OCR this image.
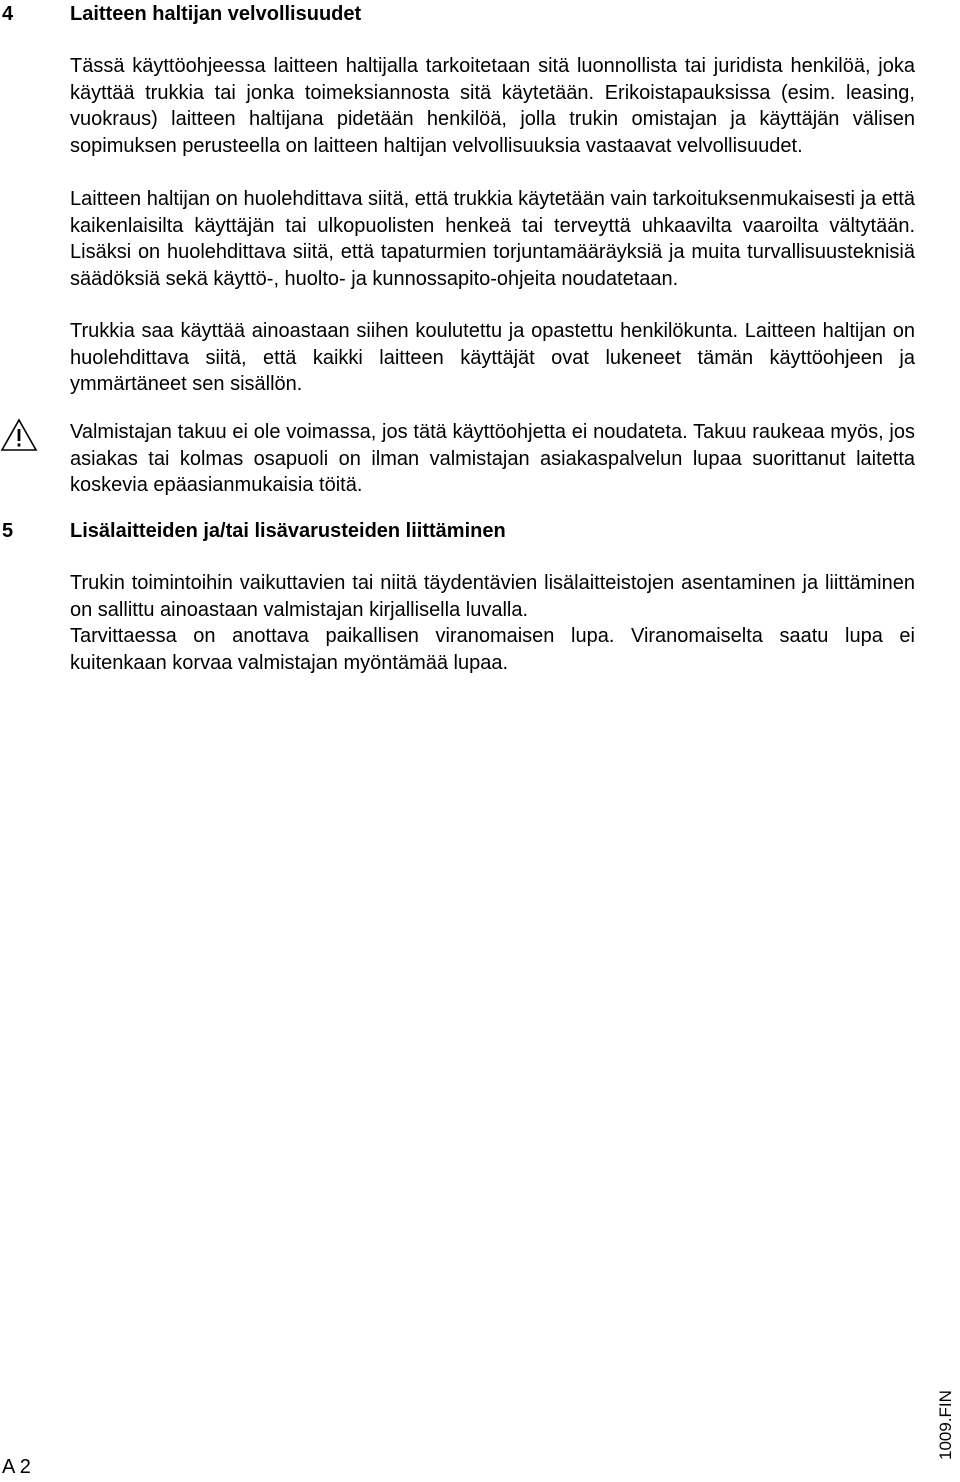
4	Laitteen haltijan velvollisuudet

Tässä käyttöohjeessa laitteen haltijalla tarkoitetaan sitä luonnollista tai juridista henkilöä, joka käyttää trukkia tai jonka toimeksiannosta sitä käytetään. Erikoistapauksissa (esim. leasing, vuokraus) laitteen haltijana pidetään henkilöä, jolla trukin omistajan ja käyttäjän välisen sopimuksen perusteella on laitteen haltijan velvollisuuksia vastaavat velvollisuudet.

Laitteen haltijan on huolehdittava siitä, että trukkia käytetään vain tarkoituksenmukaisesti ja että kaikenlaisilta käyttäjän tai ulkopuolisten henkeä tai terveyttä uhkaavilta vaaroilta vältytään. Lisäksi on huolehdittava siitä, että tapaturmien torjuntamääräyksiä ja muita turvallisuusteknisiä säädöksiä sekä käyttö-, huolto- ja kunnossapito-ohjeita noudatetaan.

Trukkia saa käyttää ainoastaan siihen koulutettu ja opastettu henkilökunta. Laitteen haltijan on huolehdittava siitä, että kaikki laitteen käyttäjät ovat lukeneet tämän käyttöohjeen ja ymmärtäneet sen sisällön.

Valmistajan takuu ei ole voimassa, jos tätä käyttöohjetta ei noudateta. Takuu raukeaa myös, jos asiakas tai kolmas osapuoli on ilman valmistajan asiakaspalvelun lupaa suorittanut laitetta koskevia epäasianmukaisia töitä.

5	Lisälaitteiden ja/tai lisävarusteiden liittäminen

Trukin toimintoihin vaikuttavien tai niitä täydentävien lisälaitteistojen asentaminen ja liittäminen on sallittu ainoastaan valmistajan kirjallisella luvalla.

Tarvittaessa on anottava paikallisen viranomaisen lupa. Viranomaiselta saatu lupa ei kuitenkaan korvaa valmistajan myöntämää lupaa.

A 2
1009.FIN
